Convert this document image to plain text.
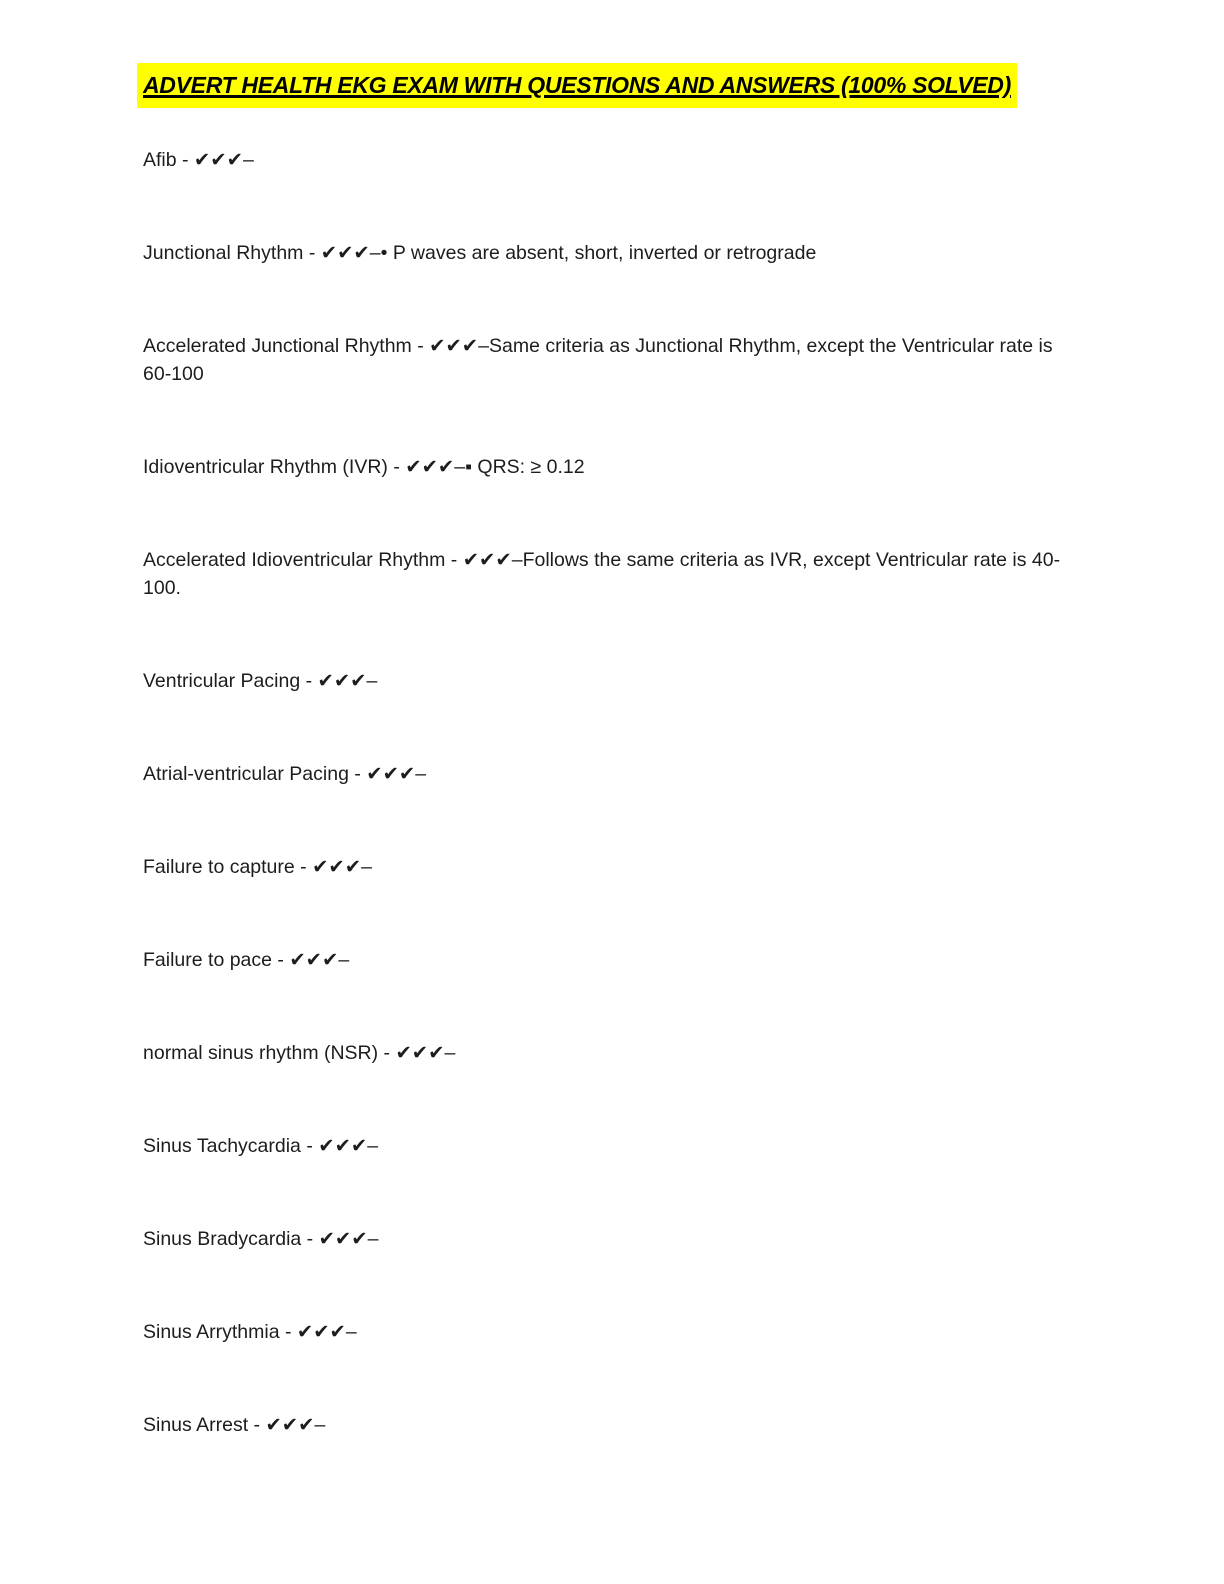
ADVERT HEALTH EKG EXAM WITH QUESTIONS AND ANSWERS (100% SOLVED)

Afib - ✔✔✔–

Junctional Rhythm - ✔✔✔–• P waves are absent, short, inverted or retrograde

Accelerated Junctional Rhythm - ✔✔✔–Same criteria as Junctional Rhythm, except the Ventricular rate is 60-100

Idioventricular Rhythm (IVR) - ✔✔✔–▪ QRS: ≥ 0.12

Accelerated Idioventricular Rhythm - ✔✔✔–Follows the same criteria as IVR, except Ventricular rate is 40-100.

Ventricular Pacing - ✔✔✔–

Atrial-ventricular Pacing - ✔✔✔–

Failure to capture - ✔✔✔–

Failure to pace - ✔✔✔–

normal sinus rhythm (NSR) - ✔✔✔–

Sinus Tachycardia - ✔✔✔–

Sinus Bradycardia - ✔✔✔–

Sinus Arrythmia - ✔✔✔–

Sinus Arrest - ✔✔✔–
